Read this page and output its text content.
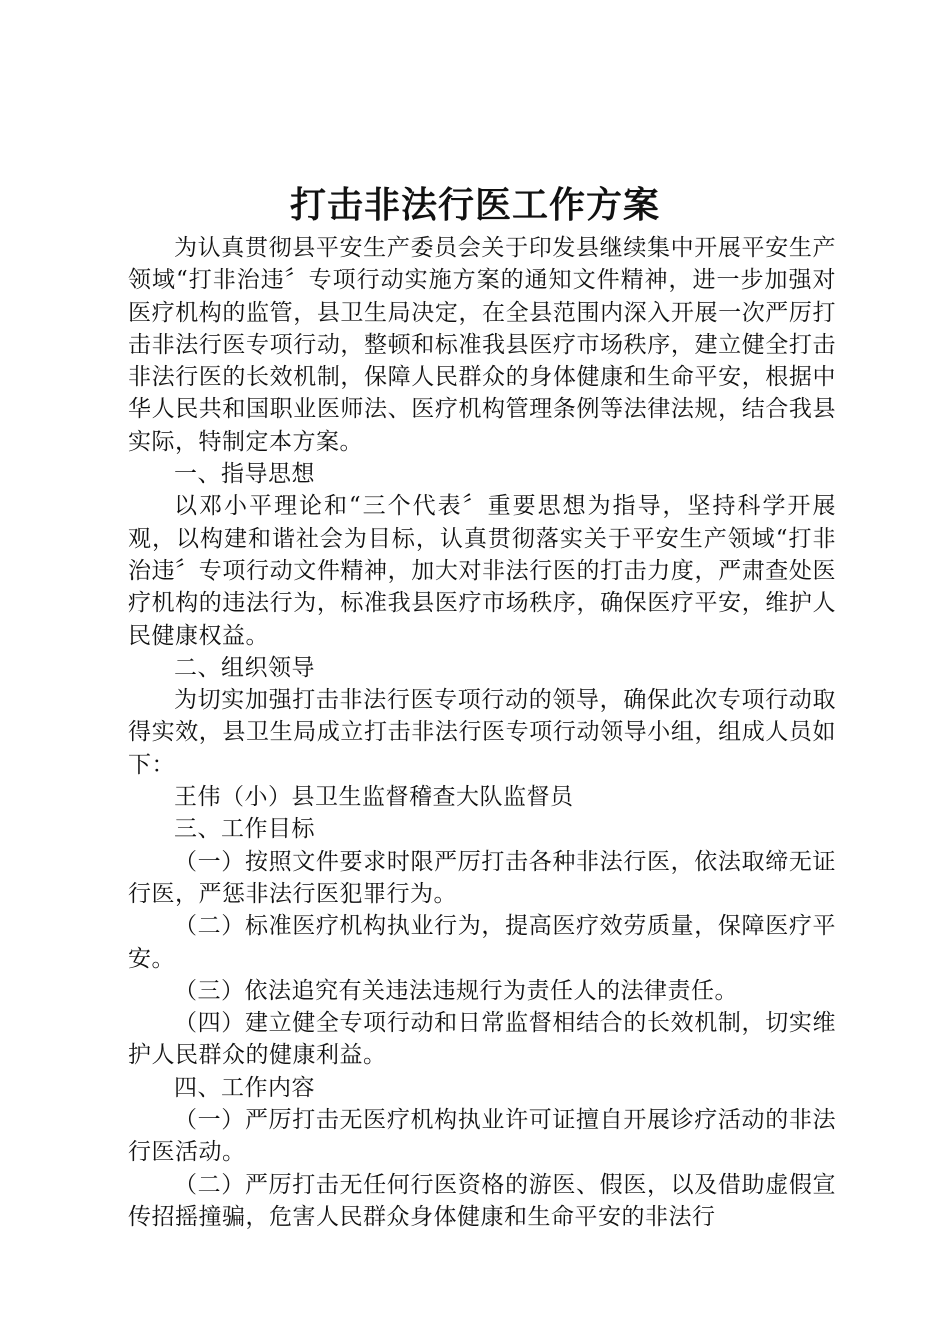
打击非法行医工作方案

为认真贯彻县平安生产委员会关于印发县继续集中开展平安生产领域“打非治违〞专项行动实施方案的通知文件精神，进一步加强对医疗机构的监管，县卫生局决定，在全县范围内深入开展一次严厉打击非法行医专项行动，整顿和标准我县医疗市场秩序，建立健全打击非法行医的长效机制，保障人民群众的身体健康和生命平安，根据中华人民共和国职业医师法、医疗机构管理条例等法律法规，结合我县实际，特制定本方案。

一、指导思想

以邓小平理论和“三个代表〞重要思想为指导，坚持科学开展观，以构建和谐社会为目标，认真贯彻落实关于平安生产领域“打非治违〞专项行动文件精神，加大对非法行医的打击力度，严肃查处医疗机构的违法行为，标准我县医疗市场秩序，确保医疗平安，维护人民健康权益。

二、组织领导

为切实加强打击非法行医专项行动的领导，确保此次专项行动取得实效，县卫生局成立打击非法行医专项行动领导小组，组成人员如下：

王伟（小）县卫生监督稽查大队监督员

三、工作目标

（一）按照文件要求时限严厉打击各种非法行医，依法取缔无证行医，严惩非法行医犯罪行为。

（二）标准医疗机构执业行为，提高医疗效劳质量，保障医疗平安。

（三）依法追究有关违法违规行为责任人的法律责任。

（四）建立健全专项行动和日常监督相结合的长效机制，切实维护人民群众的健康利益。

四、工作内容

（一）严厉打击无医疗机构执业许可证擅自开展诊疗活动的非法行医活动。

（二）严厉打击无任何行医资格的游医、假医，以及借助虚假宣传招摇撞骗，危害人民群众身体健康和生命平安的非法行
